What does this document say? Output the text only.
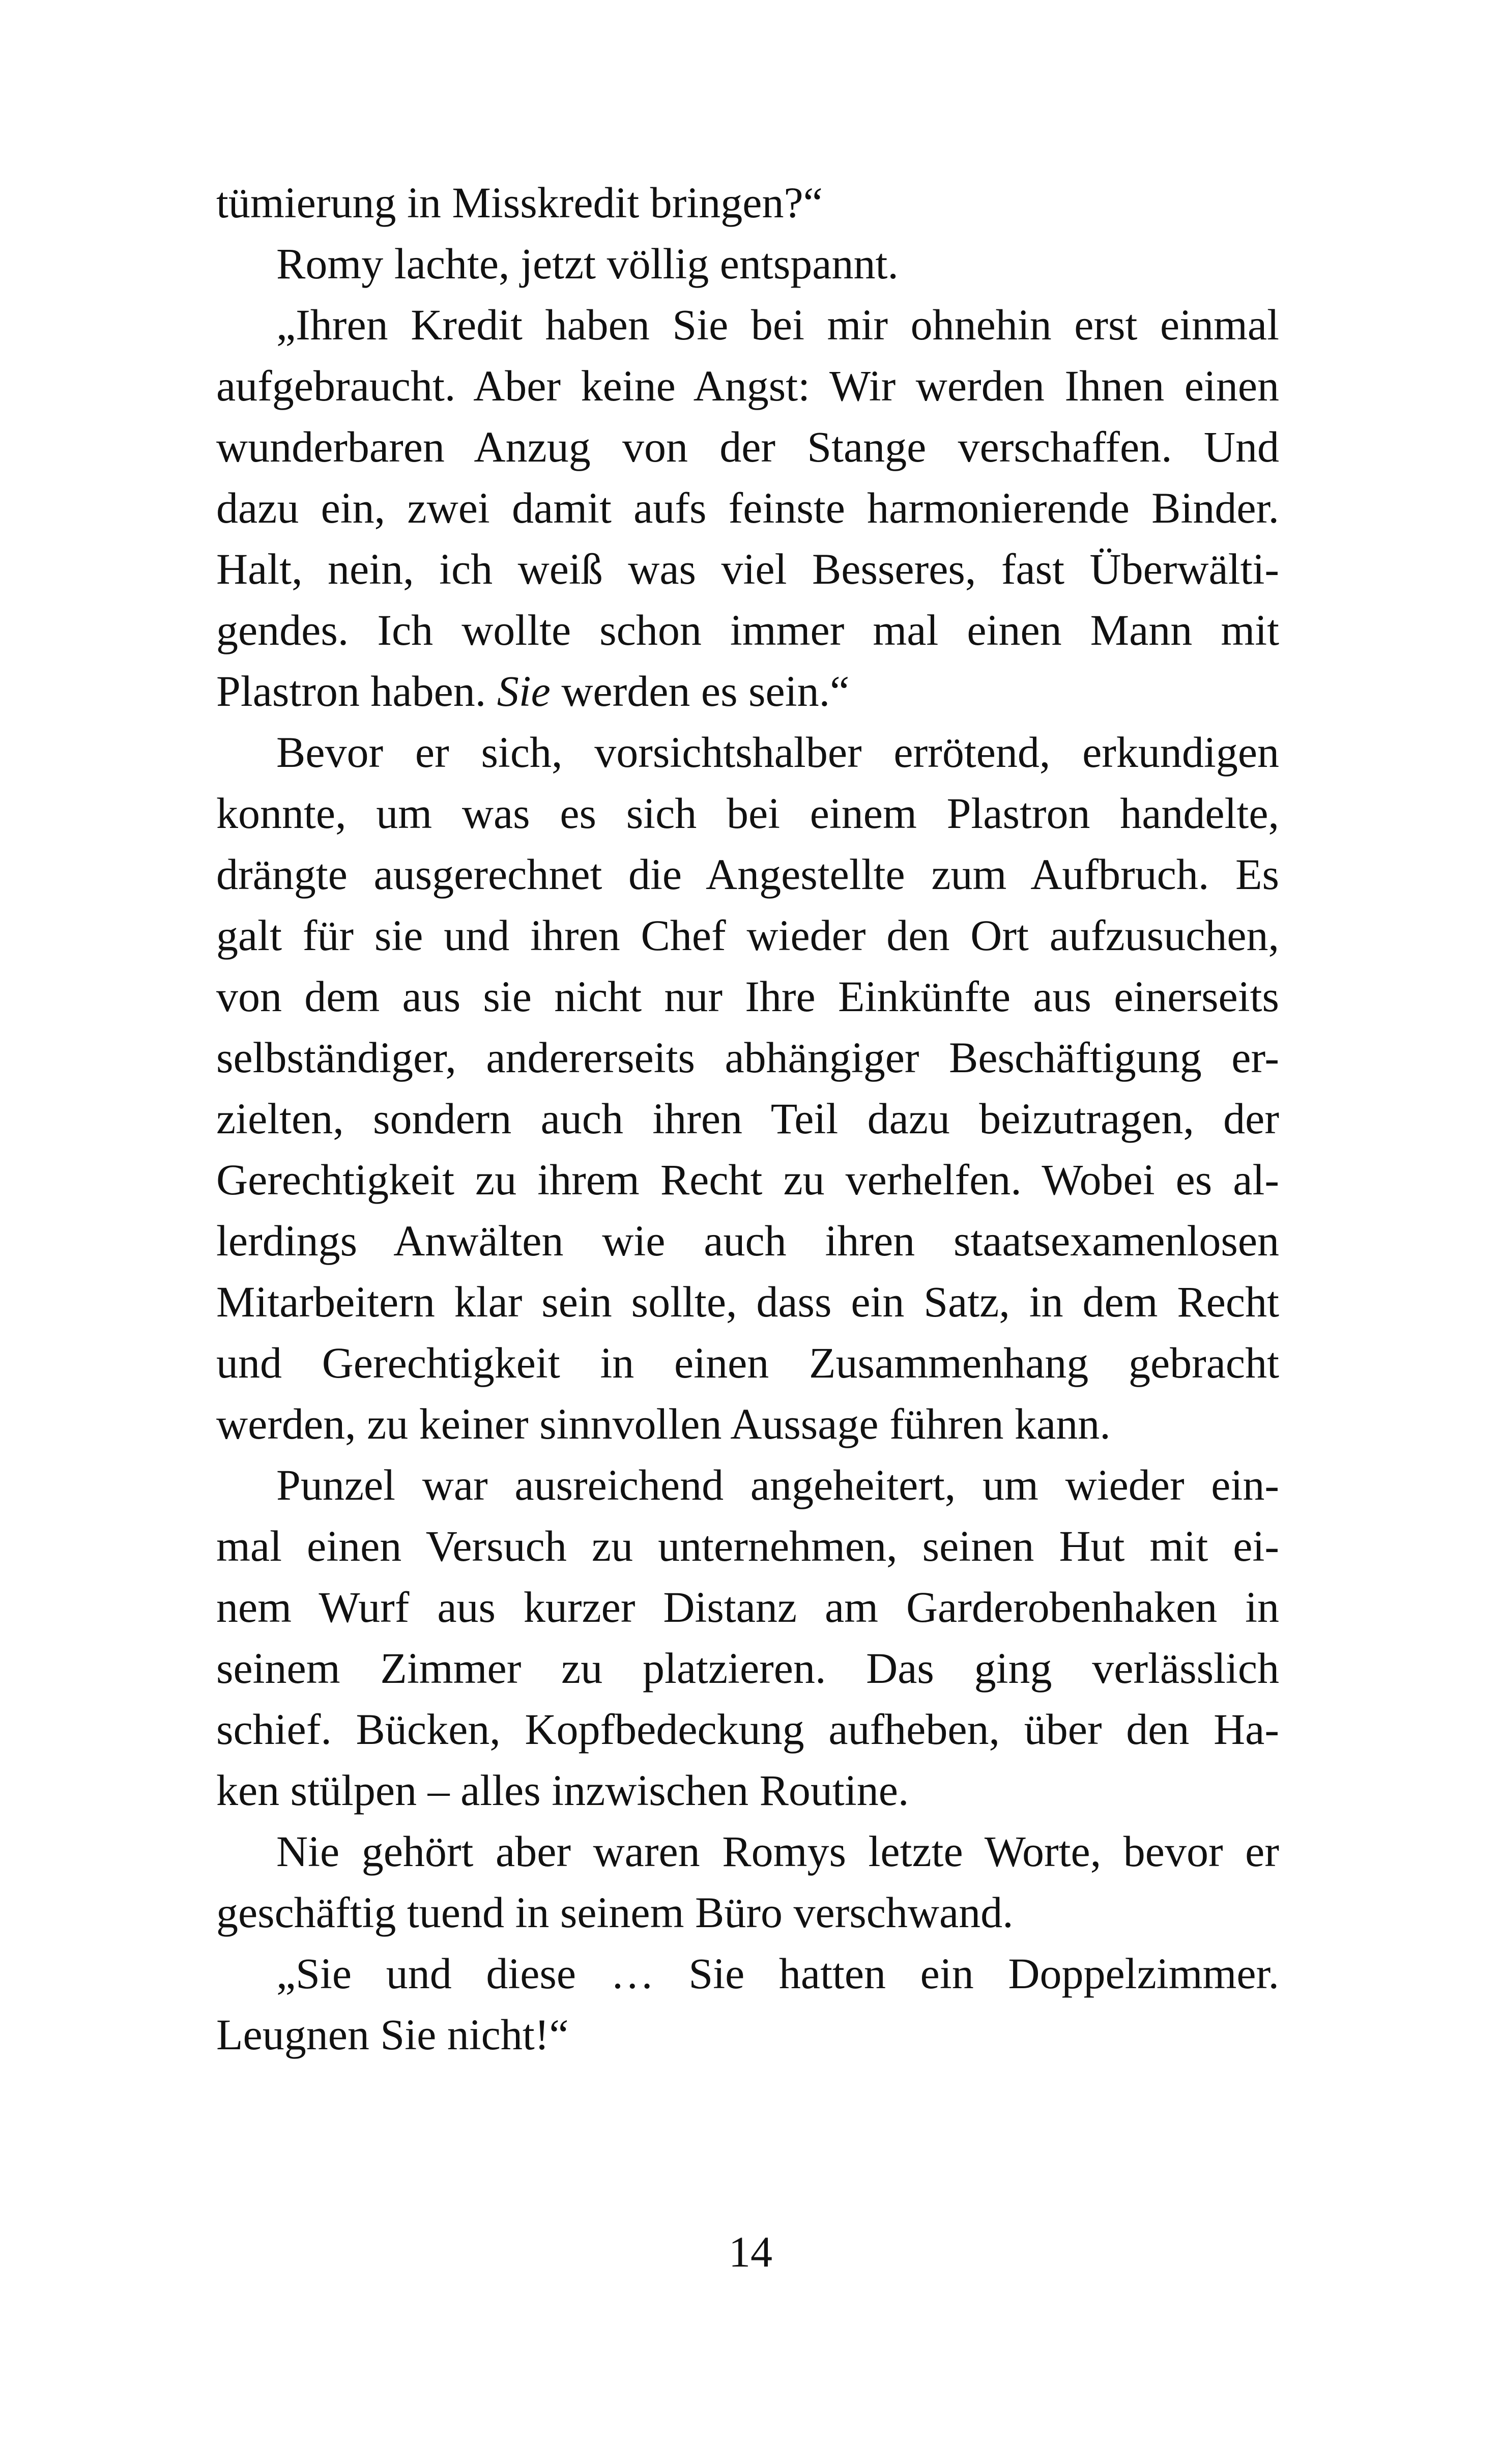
tümierung in Misskredit bringen?“
Romy lachte, jetzt völlig entspannt.
„Ihren Kredit haben Sie bei mir ohnehin erst einmal
aufgebraucht. Aber keine Angst: Wir werden Ihnen einen
wunderbaren Anzug von der Stange verschaffen. Und
dazu ein, zwei damit aufs feinste harmonierende Binder.
Halt, nein, ich weiß was viel Besseres, fast Überwälti-
gendes. Ich wollte schon immer mal einen Mann mit
Plastron haben. Sie werden es sein.“
Bevor er sich, vorsichtshalber errötend, erkundigen
konnte, um was es sich bei einem Plastron handelte,
drängte ausgerechnet die Angestellte zum Aufbruch. Es
galt für sie und ihren Chef wieder den Ort aufzusuchen,
von dem aus sie nicht nur Ihre Einkünfte aus einerseits
selbständiger, andererseits abhängiger Beschäftigung er-
zielten, sondern auch ihren Teil dazu beizutragen, der
Gerechtigkeit zu ihrem Recht zu verhelfen. Wobei es al-
lerdings Anwälten wie auch ihren staatsexamenlosen
Mitarbeitern klar sein sollte, dass ein Satz, in dem Recht
und Gerechtigkeit in einen Zusammenhang gebracht
werden, zu keiner sinnvollen Aussage führen kann.
Punzel war ausreichend angeheitert, um wieder ein-
mal einen Versuch zu unternehmen, seinen Hut mit ei-
nem Wurf aus kurzer Distanz am Garderobenhaken in
seinem Zimmer zu platzieren. Das ging verlässlich
schief. Bücken, Kopfbedeckung aufheben, über den Ha-
ken stülpen – alles inzwischen Routine.
Nie gehört aber waren Romys letzte Worte, bevor er
geschäftig tuend in seinem Büro verschwand.
„Sie und diese … Sie hatten ein Doppelzimmer.
Leugnen Sie nicht!“
14
